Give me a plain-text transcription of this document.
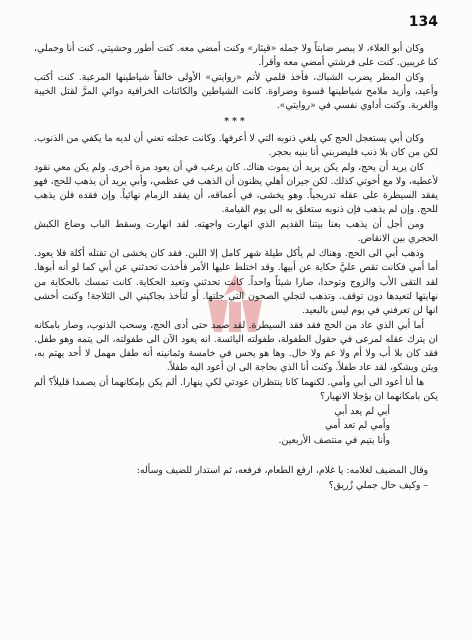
134

وكان أبو العلاء، لا يبصر ضابتاً ولا جمله «قيثار» وكنت أمضي معه. كنت أطور وحشيتي. كنت أنا وجملي، كنا غريبين. كنت على فرشتي أمضي معه وأقرأ.

وكان المطر يضرب الشباك، فأخذ قلمي لأتم «روايتي» الأولى خالقاً شياطينها المرعبة. كنت أكتب وأعيد، وأزيد ملامح شياطينها قسوة وضراوة. كانت الشياطين والكائنات الخرافية دوائي المرَّ لقتل الخيبة والغربة. وكنت أداوي نفسي في «روايتي».

***

وكان أبي يستعجل الحج كي يلغي ذنوبه التي لا أعرفها. وكانت عجلته تعني أن لديه ما يكفي من الذنوب. لكن من كان بلا ذنب فليضربني أنا بنيه بحجر.

كان يريد أن يحج، ولم يكن يريد أن يموت هناك. كان يرغب في أن يعود مرة أخرى. ولم يكن معي نقود لأعطيه، ولا مع أخوتي كذلك. لكن جيران أهلي يظنون أن الذهب في عظمي، وأبي يريد أن يذهب للحج، فهو يفقد السيطرة على عقله تدريجياً. وهو يخشى، في أعماقه، أن يفقد الزمام نهائياً. وإن فقده فلن يذهب للحج. وإن لم يذهب فإن ذنوبه ستعلق به الى يوم القيامة.

ومن أجل أن يذهب بعنا بيتنا القديم الذي انهارت واجهته. لقد انهارت وسقط الباب وضاع الكبش الحجري بين الانقاض.

وذهب أبي الى الحج. وهناك لم يأكل طيلة شهر كامل إلا اللبن. فقد كان يخشى ان تقتله أكلة فلا يعود. أما أمي فكانت تقص عليَّ حكاية عن أبيها. وقد اختلط عليها الأمر فأخذت تحدثني عن أبي كما لو أنه أبوها. لقد التقى الأب والزوج وتوحدا، صارا شيئاً واحداً. كانت تحدثني وتعيد الحكاية. كانت تمسك بالحكاية من نهايتها لتعيدها دون توقف. وتذهب لتجلي الصحون التي جلتها. أو لتأخذ بجاكيتي الى الثلاجة! وكنت أخشى انها لن تعرفني في يوم ليس بالبعيد.

أما أبي الذي عاد من الحج فقد فقد السيطرة. لقد صمد حتى أدى الحج، وسحب الذنوب، وصار بامكانه ان يترك عقله لمرعى في حقول الطفولة، طفولته اليائسة. انه يعود الآن الى طفولته، الى يتمه وهو طفل. فقد كان بلا أب ولا أم ولا عم ولا خال. وها هو يحس في خامسة وثمانينه أنه طفل مهمل لا أحد يهتم به، ويئن ويشكو، لقد عاد طفلاً. وكنت أنا الذي بحاجة الى ان أعود اليه طفلاً.

ها أنا أعود الى أبي وأمي. لكنهما كانا ينتظران عودتي لكي ينهارا. ألم يكن بإمكانهما أن يصمدا قليلاً؟ ألم يكن بامكانهما ان يؤجلا الانهيار؟

أبي لم يعد أبي

وأمي لم تعد أمي

وأنا يتيم في منتصف الأربعين.

وقال المضيف لغلامه: يا غلام، ارفع الطعام، فرفعه، ثم استدار للضيف وسأله:

– وكيف حال جملي زُريق؟
